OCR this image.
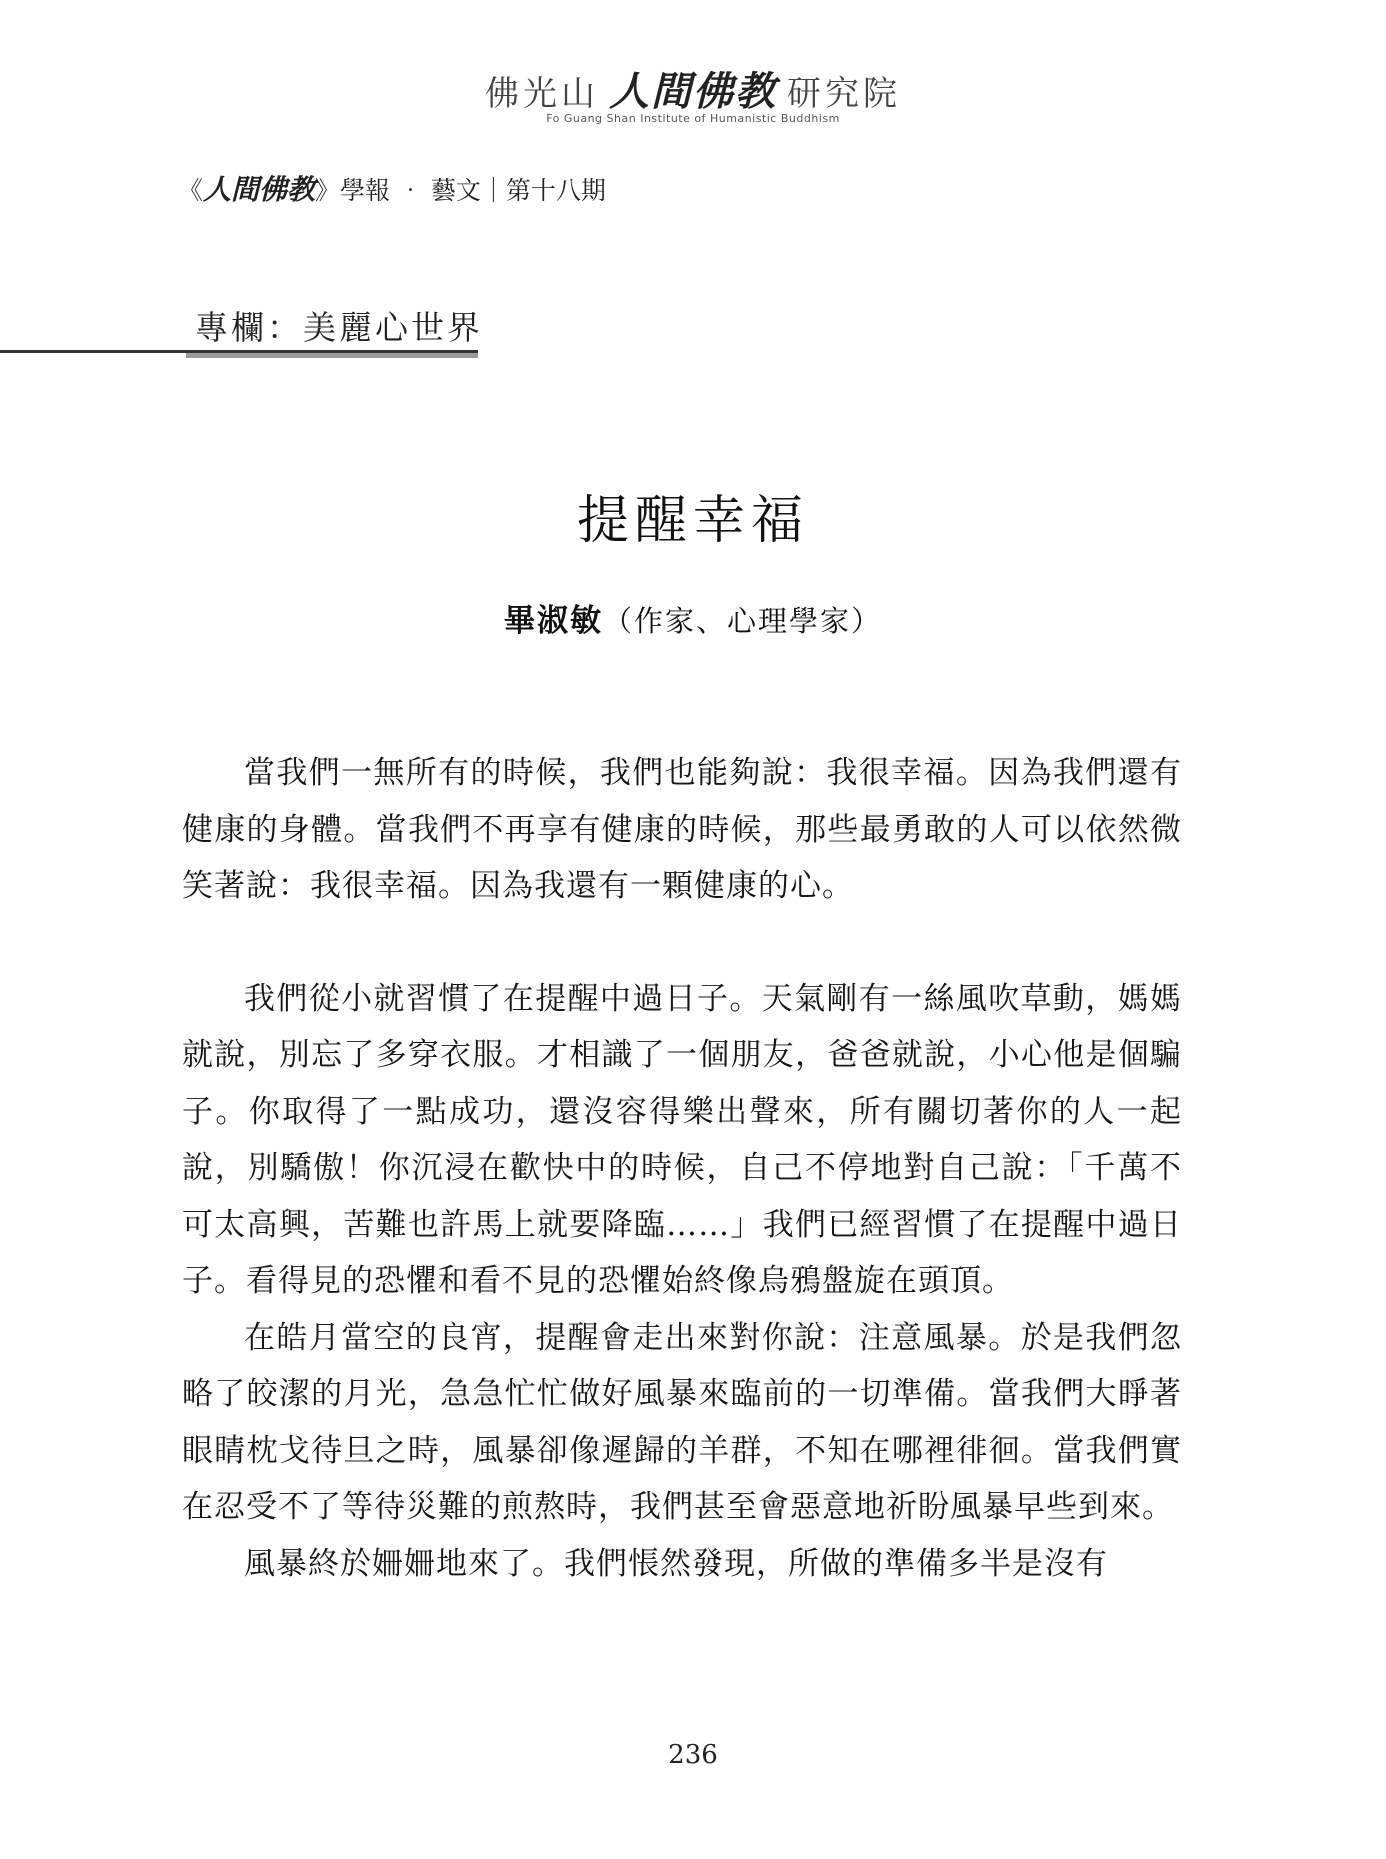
佛光山 人間佛教 研究院
Fo Guang Shan Institute of Humanistic Buddhism
《人間佛教》學報 ‧ 藝文｜第十八期
專欄：美麗心世界
提醒幸福
畢淑敏（作家、心理學家）

當我們一無所有的時候，我們也能夠說：我很幸福。因為我們還有健康的身體。當我們不再享有健康的時候，那些最勇敢的人可以依然微笑著說：我很幸福。因為我還有一顆健康的心。

我們從小就習慣了在提醒中過日子。天氣剛有一絲風吹草動，媽媽就說，別忘了多穿衣服。才相識了一個朋友，爸爸就說，小心他是個騙子。你取得了一點成功，還沒容得樂出聲來，所有關切著你的人一起說，別驕傲！你沉浸在歡快中的時候，自己不停地對自己說：「千萬不可太高興，苦難也許馬上就要降臨……」我們已經習慣了在提醒中過日子。看得見的恐懼和看不見的恐懼始終像烏鴉盤旋在頭頂。

在皓月當空的良宵，提醒會走出來對你說：注意風暴。於是我們忽略了皎潔的月光，急急忙忙做好風暴來臨前的一切準備。當我們大睜著眼睛枕戈待旦之時，風暴卻像遲歸的羊群，不知在哪裡徘徊。當我們實在忍受不了等待災難的煎熬時，我們甚至會惡意地祈盼風暴早些到來。

風暴終於姍姍地來了。我們悵然發現，所做的準備多半是沒有

236
